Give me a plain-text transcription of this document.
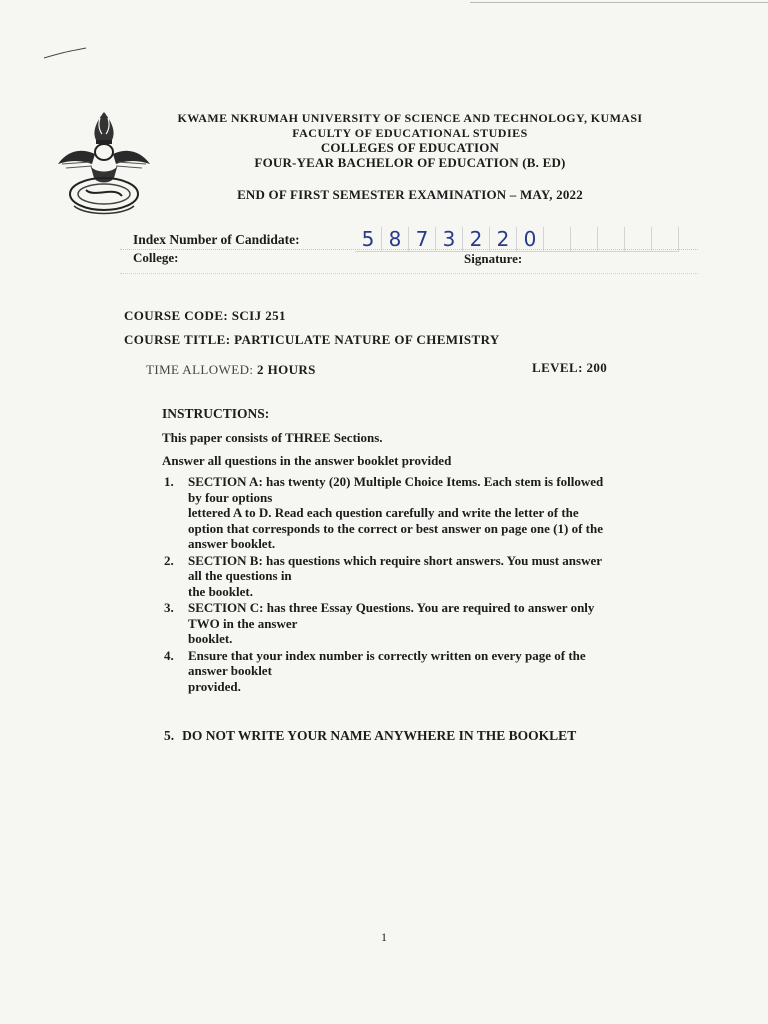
KWAME NKRUMAH UNIVERSITY OF SCIENCE AND TECHNOLOGY, KUMASI
FACULTY OF EDUCATIONAL STUDIES
COLLEGES OF EDUCATION
FOUR-YEAR BACHELOR OF EDUCATION (B. ED)
END OF FIRST SEMESTER EXAMINATION – MAY, 2022
Index Number of Candidate:	5 8 7 3 2 2 0
College:	Signature:
COURSE CODE: SCIJ 251
COURSE TITLE: PARTICULATE NATURE OF CHEMISTRY
TIME ALLOWED: 2 HOURS	LEVEL: 200
INSTRUCTIONS:
This paper consists of THREE Sections.
Answer all questions in the answer booklet provided
1. SECTION A: has twenty (20) Multiple Choice Items. Each stem is followed
by four options
lettered A to D. Read each question carefully and write the letter of the
option that corresponds to the correct or best answer on page one (1) of the
answer booklet.
2. SECTION B: has questions which require short answers. You must answer
all the questions in
the booklet.
3. SECTION C: has three Essay Questions. You are required to answer only
TWO in the answer
booklet.
4. Ensure that your index number is correctly written on every page of the
answer booklet
provided.
5. DO NOT WRITE YOUR NAME ANYWHERE IN THE BOOKLET
1
